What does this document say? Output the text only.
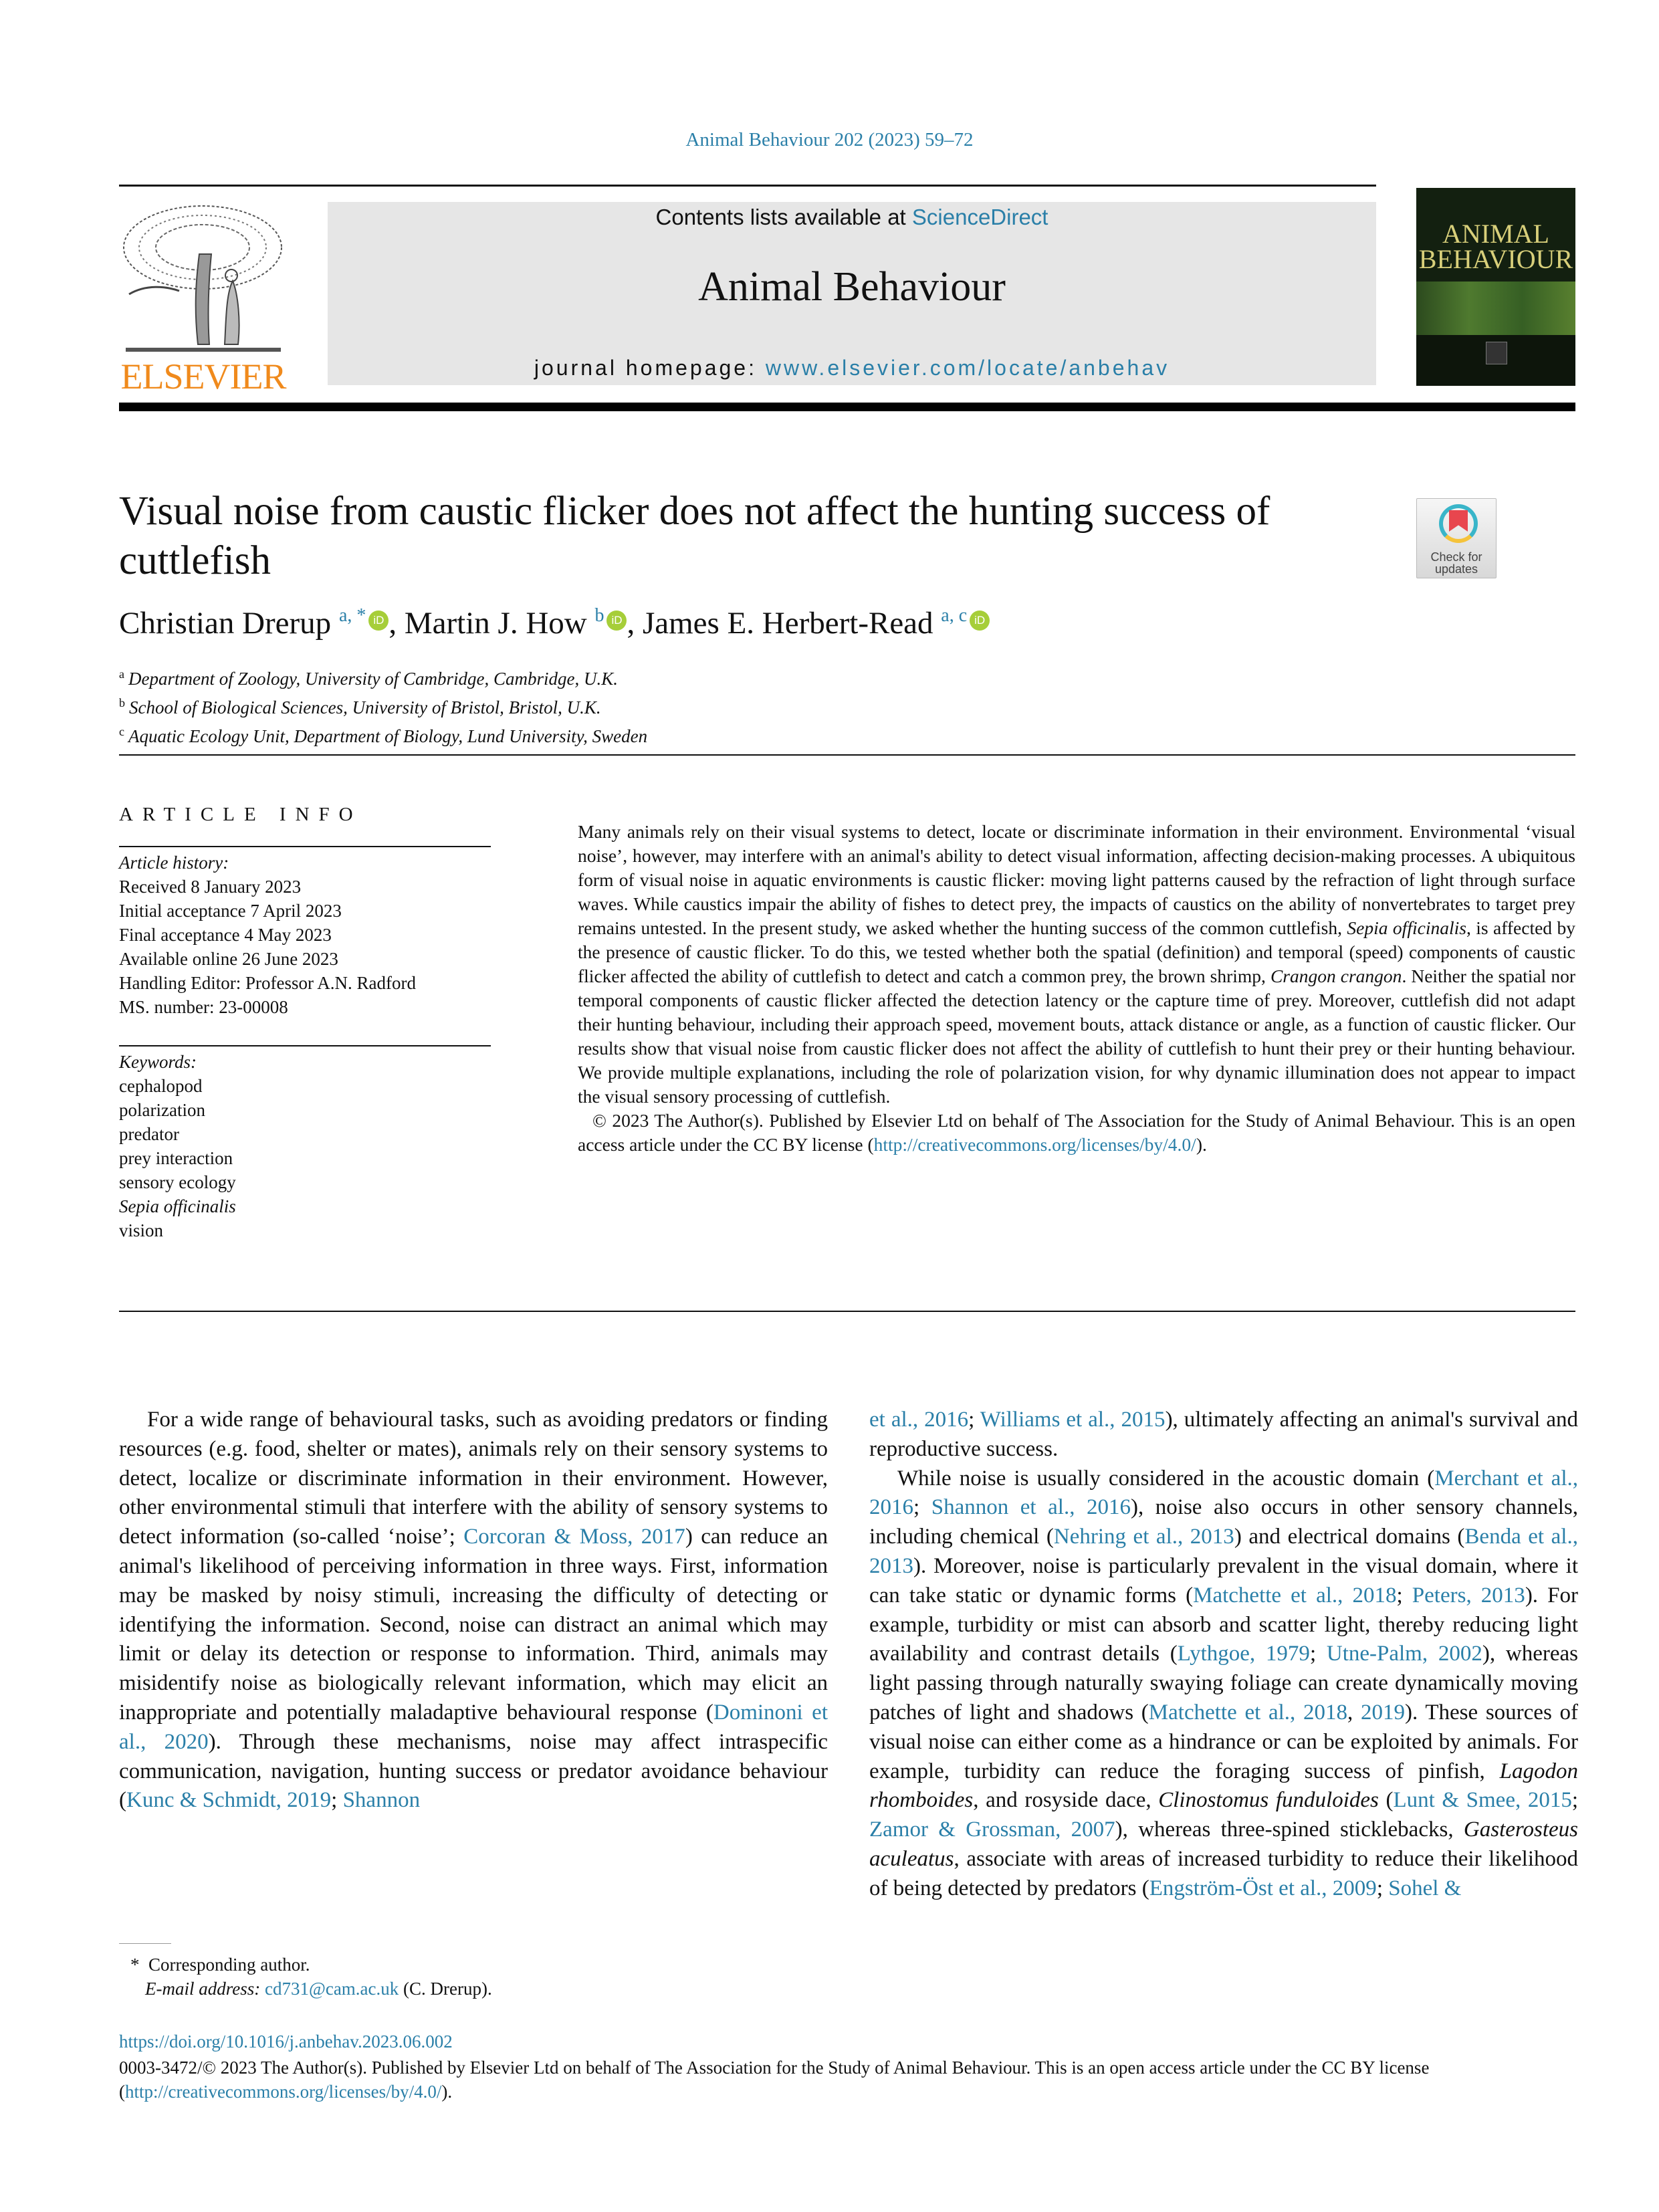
Animal Behaviour 202 (2023) 59–72
ELSEVIER
Contents lists available at ScienceDirect
Animal Behaviour
journal homepage: www.elsevier.com/locate/anbehav
ANIMAL
BEHAVIOUR
Visual noise from caustic flicker does not affect the hunting success of cuttlefish	Check for
updates
Christian Drerup $^{a, *}$ iD , Martin J. How $^b$ iD , James E. Herbert-Read $^{a, c}$ iD
$^a$ Department of Zoology, University of Cambridge, Cambridge, U.K.
$^b$ School of Biological Sciences, University of Bristol, Bristol, U.K.
$^c$ Aquatic Ecology Unit, Department of Biology, Lund University, Sweden
ARTICLE INFO
Article history:
Received 8 January 2023
Initial acceptance 7 April 2023
Final acceptance 4 May 2023
Available online 26 June 2023
Handling Editor: Professor A.N. Radford
MS. number: 23-00008
Keywords:
cephalopod
polarization
predator
prey interaction
sensory ecology
Sepia officinalis
vision

Many animals rely on their visual systems to detect, locate or discriminate information in their environment. Environmental ‘visual noise’, however, may interfere with an animal's ability to detect visual information, affecting decision-making processes. A ubiquitous form of visual noise in aquatic environments is caustic flicker: moving light patterns caused by the refraction of light through surface waves. While caustics impair the ability of fishes to detect prey, the impacts of caustics on the ability of nonvertebrates to target prey remains untested. In the present study, we asked whether the hunting success of the common cuttlefish, Sepia officinalis, is affected by the presence of caustic flicker. To do this, we tested whether both the spatial (definition) and temporal (speed) components of caustic flicker affected the ability of cuttlefish to detect and catch a common prey, the brown shrimp, Crangon crangon. Neither the spatial nor temporal components of caustic flicker affected the detection latency or the capture time of prey. Moreover, cuttlefish did not adapt their hunting behaviour, including their approach speed, movement bouts, attack distance or angle, as a function of caustic flicker. Our results show that visual noise from caustic flicker does not affect the ability of cuttlefish to hunt their prey or their hunting behaviour. We provide multiple explanations, including the role of polarization vision, for why dynamic illumination does not appear to impact the visual sensory processing of cuttlefish.

© 2023 The Author(s). Published by Elsevier Ltd on behalf of The Association for the Study of Animal Behaviour. This is an open access article under the CC BY license (http://creativecommons.org/licenses/by/4.0/).

For a wide range of behavioural tasks, such as avoiding predators or finding resources (e.g. food, shelter or mates), animals rely on their sensory systems to detect, localize or discriminate information in their environment. However, other environmental stimuli that interfere with the ability of sensory systems to detect information (so-called ‘noise’; Corcoran & Moss, 2017) can reduce an animal's likelihood of perceiving information in three ways. First, information may be masked by noisy stimuli, increasing the difficulty of detecting or identifying the information. Second, noise can distract an animal which may limit or delay its detection or response to information. Third, animals may misidentify noise as biologically relevant information, which may elicit an inappropriate and potentially maladaptive behavioural response (Dominoni et al., 2020). Through these mechanisms, noise may affect intraspecific communication, navigation, hunting success or predator avoidance behaviour (Kunc & Schmidt, 2019; Shannon

et al., 2016; Williams et al., 2015), ultimately affecting an animal's survival and reproductive success.

While noise is usually considered in the acoustic domain (Merchant et al., 2016; Shannon et al., 2016), noise also occurs in other sensory channels, including chemical (Nehring et al., 2013) and electrical domains (Benda et al., 2013). Moreover, noise is particularly prevalent in the visual domain, where it can take static or dynamic forms (Matchette et al., 2018; Peters, 2013). For example, turbidity or mist can absorb and scatter light, thereby reducing light availability and contrast details (Lythgoe, 1979; Utne-Palm, 2002), whereas light passing through naturally swaying foliage can create dynamically moving patches of light and shadows (Matchette et al., 2018, 2019). These sources of visual noise can either come as a hindrance or can be exploited by animals. For example, turbidity can reduce the foraging success of pinfish, Lagodon rhomboides, and rosyside dace, Clinostomus funduloides (Lunt & Smee, 2015; Zamor & Grossman, 2007), whereas three-spined sticklebacks, Gasterosteus aculeatus, associate with areas of increased turbidity to reduce their likelihood of being detected by predators (Engström-Öst et al., 2009; Sohel &

* Corresponding author.
E-mail address: cd731@cam.ac.uk (C. Drerup).
https://doi.org/10.1016/j.anbehav.2023.06.002
0003-3472/© 2023 The Author(s). Published by Elsevier Ltd on behalf of The Association for the Study of Animal Behaviour. This is an open access article under the CC BY license (http://creativecommons.org/licenses/by/4.0/).
